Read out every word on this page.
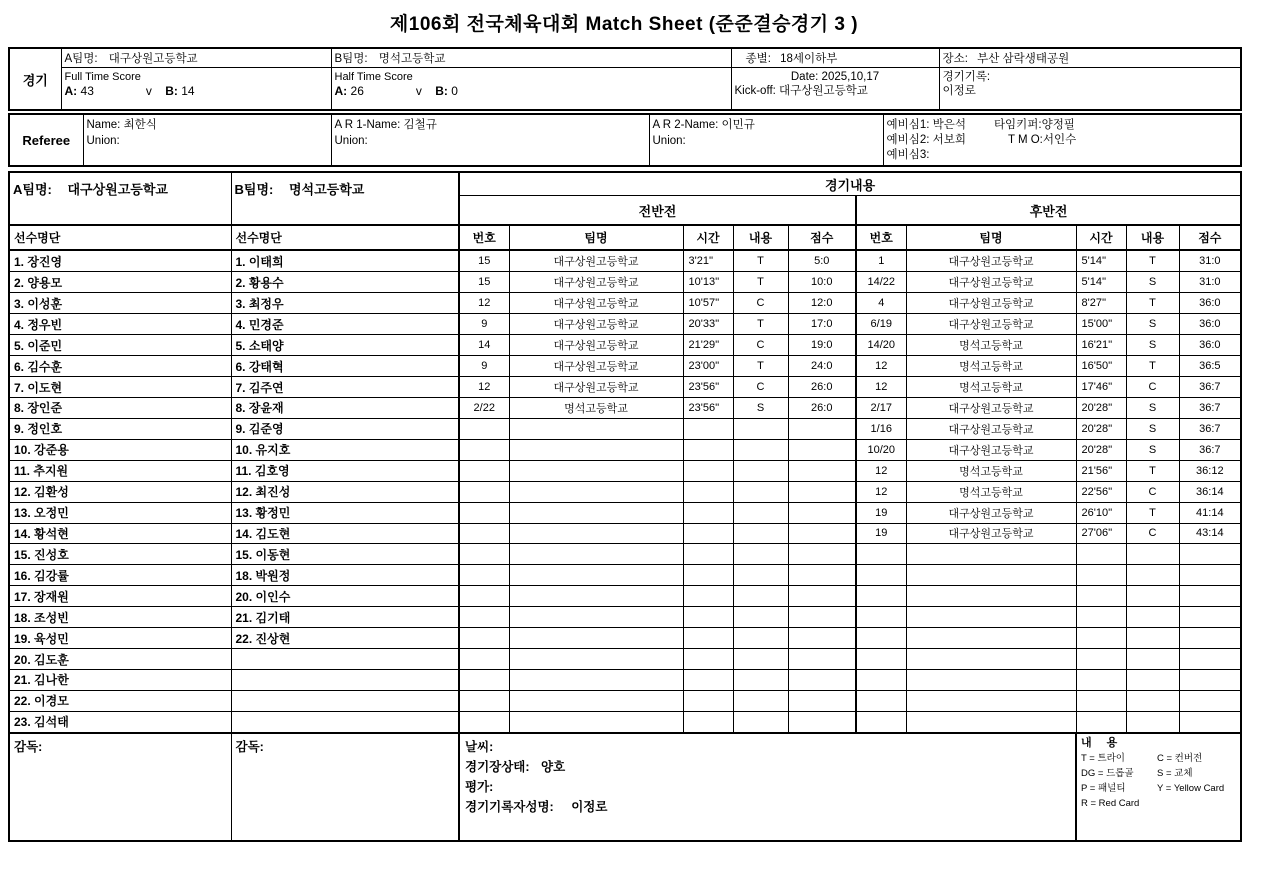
제106회 전국체육대회 Match Sheet (준준결승경기 3 )
경기	A팀명: 대구상원고등학교	B팀명: 명석고등학교	종별: 18세이하부	장소: 부산 삼락생태공원

Full Time Score
A: 43	v B: 14

Half Time Score
A: 26	v B: 0

Date: 2025,10,17
Kick-off: 대구상원고등학교

경기기록:
이정로
Referee	
Name: 최한식
Union:

A R 1-Name: 김철규
Union:

A R 2-Name: 이민규
Union:

예비심1: 박은석
예비심2: 서보희
예비심3:
타임키퍼:양정필
T M O:서인수
A팀명: 대구상원고등학교	B팀명: 명석고등학교	경기내용									
		전반전					후반전				
선수명단	선수명단	번호	팀명	시간	내용	점수	번호	팀명	시간	내용	점수
1. 장진영	1. 이태희	15	대구상원고등학교	3'21''	T	5:0	1	대구상원고등학교	5'14''	T	31:0
2. 양용모	2. 황용수	15	대구상원고등학교	10'13''	T	10:0	14/22	대구상원고등학교	5'14''	S	31:0
3. 이성훈	3. 최정우	12	대구상원고등학교	10'57''	C	12:0	4	대구상원고등학교	8'27''	T	36:0
4. 정우빈	4. 민경준	9	대구상원고등학교	20'33''	T	17:0	6/19	대구상원고등학교	15'00''	S	36:0
5. 이준민	5. 소태양	14	대구상원고등학교	21'29''	C	19:0	14/20	명석고등학교	16'21''	S	36:0
6. 김수훈	6. 강태혁	9	대구상원고등학교	23'00''	T	24:0	12	명석고등학교	16'50''	T	36:5
7. 이도현	7. 김주연	12	대구상원고등학교	23'56''	C	26:0	12	명석고등학교	17'46''	C	36:7
8. 장인준	8. 장윤재	2/22	명석고등학교	23'56''	S	26:0	2/17	대구상원고등학교	20'28''	S	36:7
9. 정인호	9. 김준영						1/16	대구상원고등학교	20'28''	S	36:7
10. 강준용	10. 유지호						10/20	대구상원고등학교	20'28''	S	36:7
11. 추지원	11. 김호영						12	명석고등학교	21'56''	T	36:12
12. 김환성	12. 최진성						12	명석고등학교	22'56''	C	36:14
13. 오정민	13. 황정민						19	대구상원고등학교	26'10''	T	41:14
14. 황석현	14. 김도현						19	대구상원고등학교	27'06''	C	43:14
15. 진성호	15. 이동현										
16. 김강률	18. 박원정										
17. 장재원	20. 이인수										
18. 조성빈	21. 김기태										
19. 육성민	22. 진상현										
20. 김도훈											
21. 김나한											
22. 이경모											
23. 김석태											
감독:	감독:	날씨:
경기장상태: 양호
평가:
경기기록자성명: 이정로

내 용
T = 트라이	C = 컨버전
DG = 드롭골 S = 교체
P = 패널티	Y = Yellow Card
R = Red Card
